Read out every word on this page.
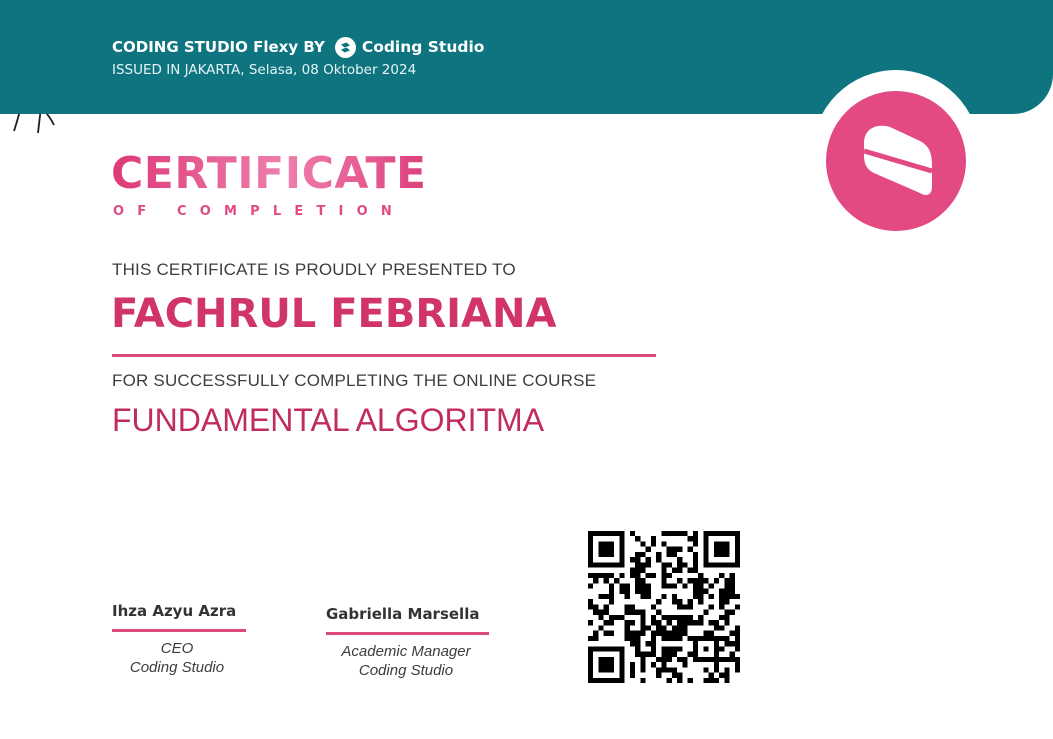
CODING STUDIO Flexy BY Coding Studio
ISSUED IN JAKARTA, Selasa, 08 Oktober 2024
CERTIFICATE
OF COMPLETION
THIS CERTIFICATE IS PROUDLY PRESENTED TO
FACHRUL FEBRIANA
FOR SUCCESSFULLY COMPLETING THE ONLINE COURSE
FUNDAMENTAL ALGORITMA
Ihza Azyu Azra
CEO
Coding Studio
Gabriella Marsella
Academic Manager
Coding Studio
